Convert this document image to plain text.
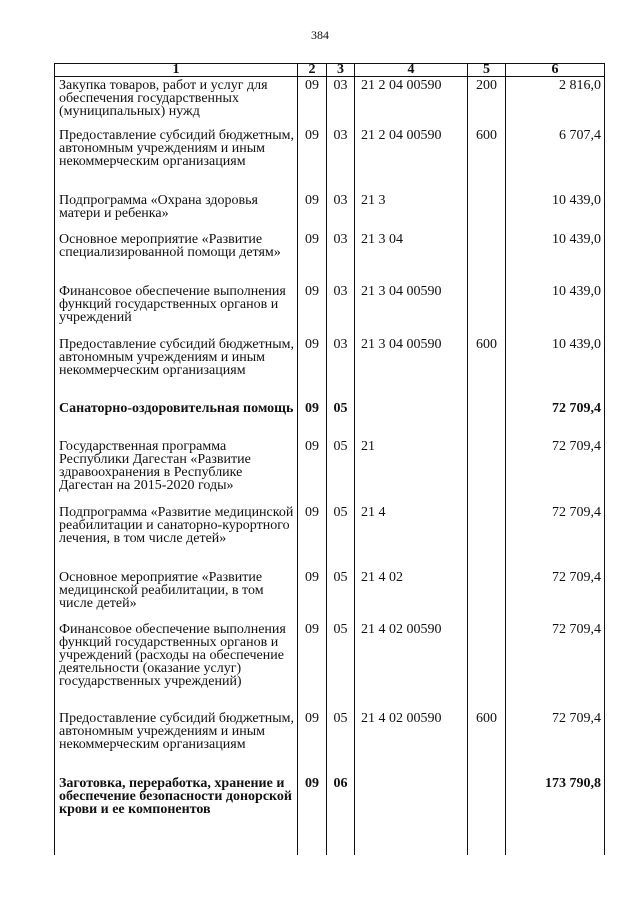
384
1	2	3	4	5	6
Закупка товаров, работ и услуг для обеспечения государственных (муниципальных) нужд	09	03	21 2 04 00590	200	2 816,0
Предоставление субсидий бюджетным, автономным учреждениям и иным некоммерческим организациям	09	03	21 2 04 00590	600	6 707,4
Подпрограмма «Охрана здоровья матери и ребенка»	09	03	21 3		10 439,0
Основное мероприятие «Развитие специализированной помощи детям»	09	03	21 3 04		10 439,0
Финансовое обеспечение выполнения функций государственных органов и учреждений	09	03	21 3 04 00590		10 439,0
Предоставление субсидий бюджетным, автономным учреждениям и иным некоммерческим организациям	09	03	21 3 04 00590	600	10 439,0
Санаторно-оздоровительная помощь	09	05			72 709,4
Государственная программа Республики Дагестан «Развитие здравоохранения в Республике Дагестан на 2015-2020 годы»	09	05	21		72 709,4
Подпрограмма «Развитие медицинской реабилитации и санаторно-курортного лечения, в том числе детей»	09	05	21 4		72 709,4
Основное мероприятие «Развитие медицинской реабилитации, в том числе детей»	09	05	21 4 02		72 709,4
Финансовое обеспечение выполнения функций государственных органов и учреждений (расходы на обеспечение деятельности (оказание услуг) государственных учреждений)	09	05	21 4 02 00590		72 709,4
Предоставление субсидий бюджетным, автономным учреждениям и иным некоммерческим организациям	09	05	21 4 02 00590	600	72 709,4
Заготовка, переработка, хранение и обеспечение безопасности донорской крови и ее компонентов	09	06			173 790,8
